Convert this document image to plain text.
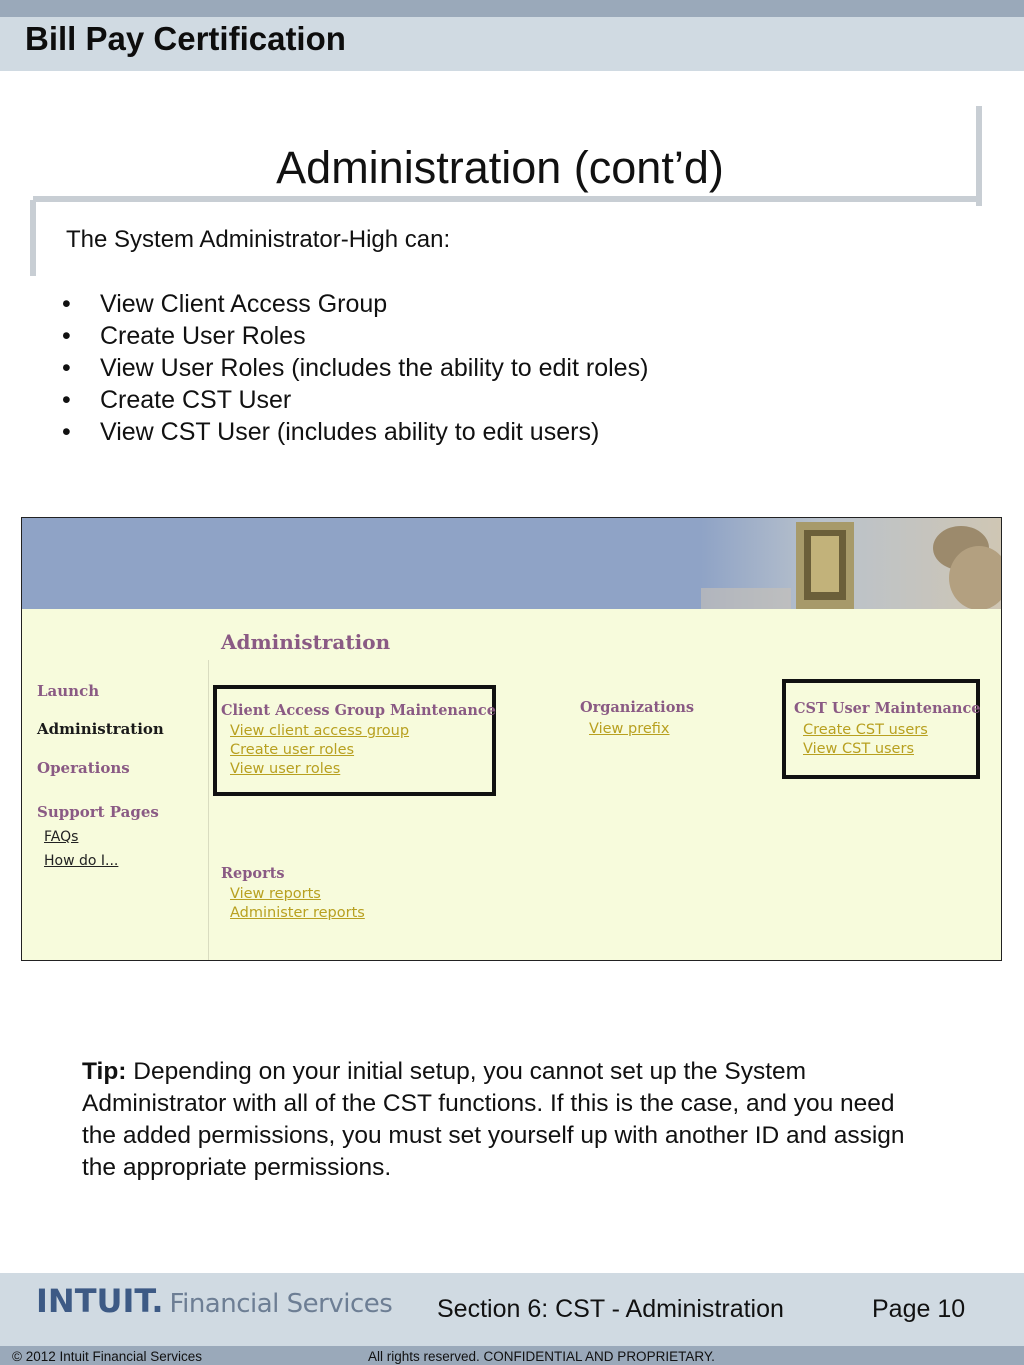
Bill Pay Certification
Administration (cont’d)
The System Administrator-High can:
• View Client Access Group
• Create User Roles
• View User Roles (includes the ability to edit roles)
• Create CST User
• View CST User (includes ability to edit users)
Launch
Administration
Operations
Support Pages
FAQs
How do I...
Administration
Client Access Group Maintenance
View client access group
Create user roles
View user roles
Organizations
View prefix
CST User Maintenance
Create CST users
View CST users
Reports
View reports
Administer reports
Tip: Depending on your initial setup, you cannot set up the System Administrator with all of the CST functions. If this is the case, and you need the added permissions, you must set yourself up with another ID and assign the appropriate permissions.
INTUIT. Financial Services Section 6: CST - Administration	Page 10
© 2012 Intuit Financial Services	All rights reserved. CONFIDENTIAL AND PROPRIETARY.
